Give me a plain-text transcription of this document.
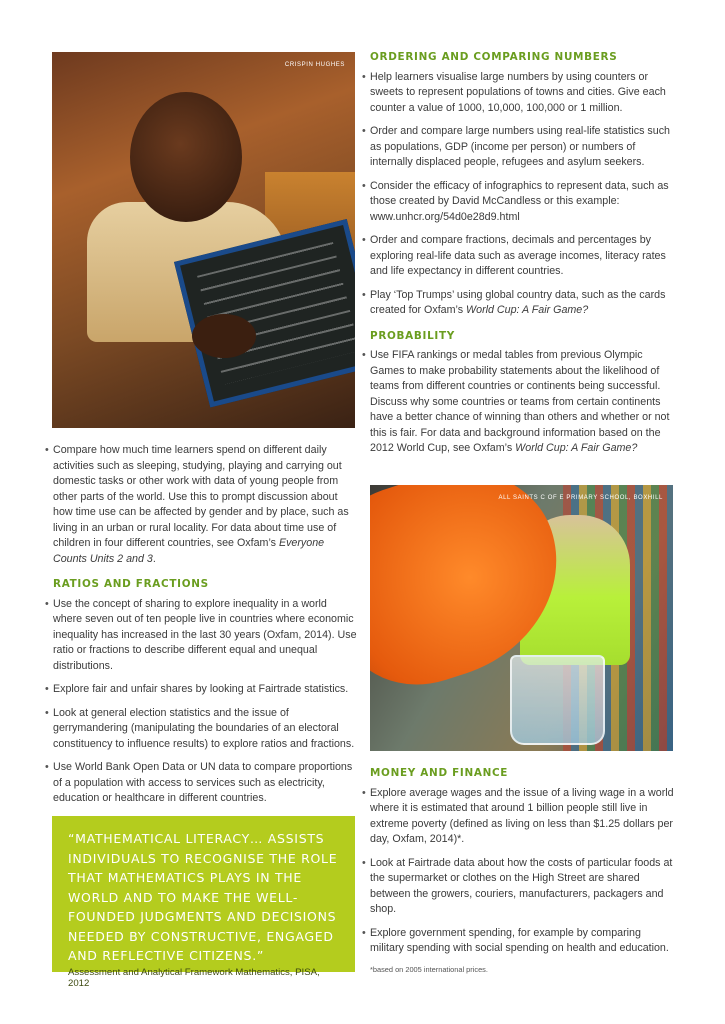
CRISPIN HUGHES
• Compare how much time learners spend on different daily activities such as sleeping, studying, playing and carrying out domestic tasks or other work with data of young people from other parts of the world. Use this to prompt discussion about how time use can be affected by gender and by place, such as living in an urban or rural locality. For data about time use of children in four different countries, see Oxfam’s Everyone Counts Units 2 and 3.
RATIOS AND FRACTIONS
• Use the concept of sharing to explore inequality in a world where seven out of ten people live in countries where economic inequality has increased in the last 30 years (Oxfam, 2014). Use ratio or fractions to describe different equal and unequal distributions.
• Explore fair and unfair shares by looking at Fairtrade statistics.
• Look at general election statistics and the issue of gerrymandering (manipulating the boundaries of an electoral constituency to influence results) to explore ratios and fractions.
• Use World Bank Open Data or UN data to compare proportions of a population with access to services such as electricity, education or healthcare in different countries.
“MATHEMATICAL LITERACY… ASSISTS INDIVIDUALS TO RECOGNISE THE ROLE THAT MATHEMATICS PLAYS IN THE WORLD AND TO MAKE THE WELL-FOUNDED JUDGMENTS AND DECISIONS NEEDED BY CONSTRUCTIVE, ENGAGED AND REFLECTIVE CITIZENS.”
Assessment and Analytical Framework Mathematics, PISA, 2012
ORDERING AND COMPARING NUMBERS
• Help learners visualise large numbers by using counters or sweets to represent populations of towns and cities. Give each counter a value of 1000, 10,000, 100,000 or 1 million.
• Order and compare large numbers using real-life statistics such as populations, GDP (income per person) or numbers of internally displaced people, refugees and asylum seekers.
• Consider the efficacy of infographics to represent data, such as those created by David McCandless or this example: www.unhcr.org/54d0e28d9.html
• Order and compare fractions, decimals and percentages by exploring real-life data such as average incomes, literacy rates and life expectancy in different countries.
• Play ‘Top Trumps’ using global country data, such as the cards created for Oxfam’s World Cup: A Fair Game?
PROBABILITY
• Use FIFA rankings or medal tables from previous Olympic Games to make probability statements about the likelihood of teams from different countries or continents being successful. Discuss why some countries or teams from certain continents have a better chance of winning than others and whether or not this is fair. For data and background information based on the 2012 World Cup, see Oxfam’s World Cup: A Fair Game?
ALL SAINTS C OF E PRIMARY SCHOOL, BOXHILL
MONEY AND FINANCE
• Explore average wages and the issue of a living wage in a world where it is estimated that around 1 billion people still live in extreme poverty (defined as living on less than $1.25 dollars per day, Oxfam, 2014)*.
• Look at Fairtrade data about how the costs of particular foods at the supermarket or clothes on the High Street are shared between the growers, couriers, manufacturers, packagers and shop.
• Explore government spending, for example by comparing military spending with social spending on health and education.
*based on 2005 international prices.
